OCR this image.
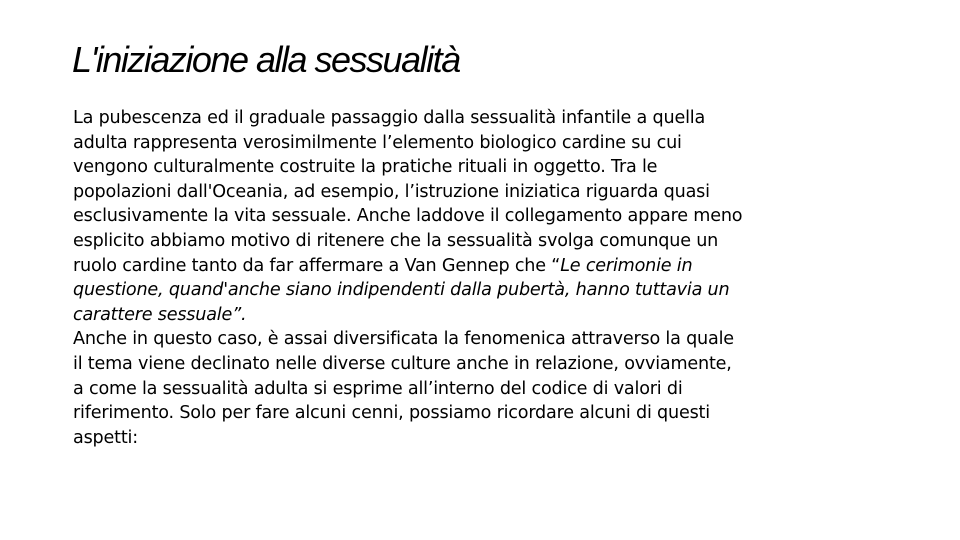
L'iniziazione alla sessualità
La pubescenza ed il graduale passaggio dalla sessualità infantile a quella
adulta rappresenta verosimilmente l’elemento biologico cardine su cui
vengono culturalmente costruite la pratiche rituali in oggetto. Tra le
popolazioni dall'Oceania, ad esempio, l’istruzione iniziatica riguarda quasi
esclusivamente la vita sessuale. Anche laddove il collegamento appare meno
esplicito abbiamo motivo di ritenere che la sessualità svolga comunque un
ruolo cardine tanto da far affermare a Van Gennep che “Le cerimonie in
questione, quand'anche siano indipendenti dalla pubertà, hanno tuttavia un
carattere sessuale”.
Anche in questo caso, è assai diversificata la fenomenica attraverso la quale
il tema viene declinato nelle diverse culture anche in relazione, ovviamente,
a come la sessualità adulta si esprime all’interno del codice di valori di
riferimento. Solo per fare alcuni cenni, possiamo ricordare alcuni di questi
aspetti:
